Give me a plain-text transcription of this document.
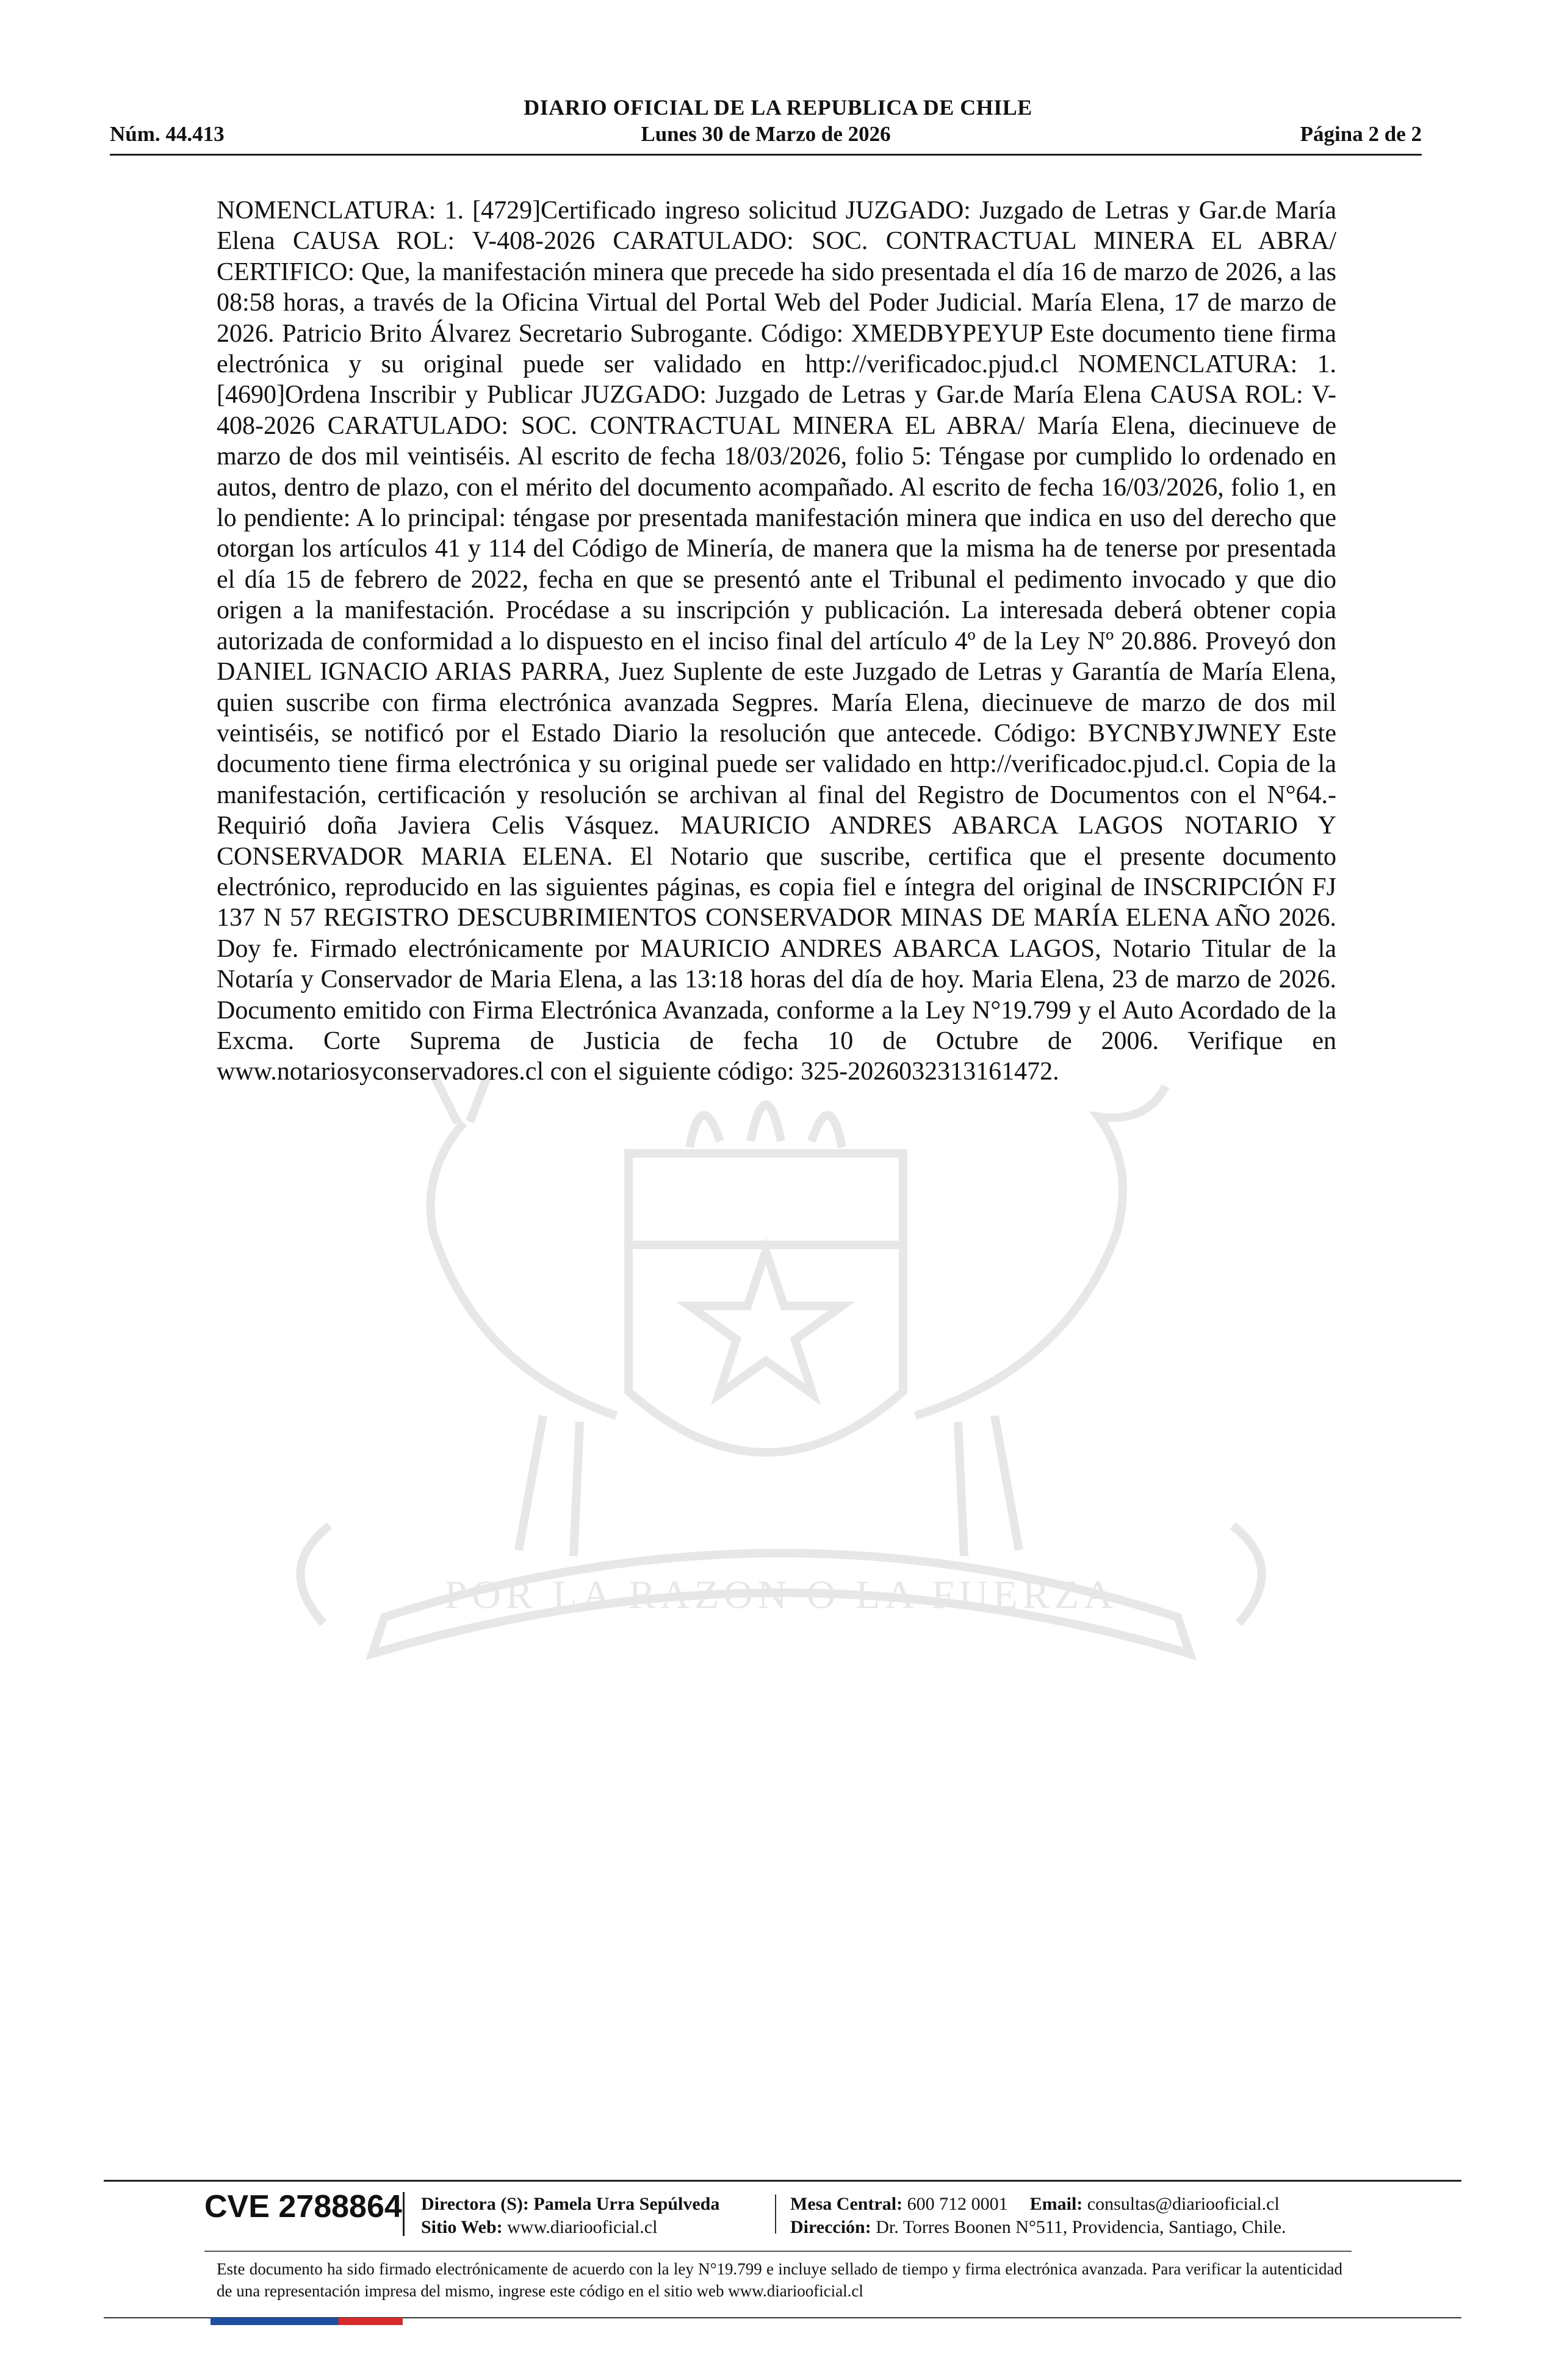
DIARIO OFICIAL DE LA REPUBLICA DE CHILE
Lunes 30 de Marzo de 2026
Núm. 44.413	Página 2 de 2
POR LA RAZON O LA FUERZA
NOMENCLATURA: 1. [4729]Certificado ingreso solicitud JUZGADO: Juzgado de Letras y Gar.de María Elena CAUSA ROL: V-408-2026 CARATULADO: SOC. CONTRACTUAL MINERA EL ABRA/ CERTIFICO: Que, la manifestación minera que precede ha sido presentada el día 16 de marzo de 2026, a las 08:58 horas, a través de la Oficina Virtual del Portal Web del Poder Judicial. María Elena, 17 de marzo de 2026. Patricio Brito Álvarez Secretario Subrogante. Código: XMEDBYPEYUP Este documento tiene firma electrónica y su original puede ser validado en http://verificadoc.pjud.cl NOMENCLATURA: 1. [4690]Ordena Inscribir y Publicar JUZGADO: Juzgado de Letras y Gar.de María Elena CAUSA ROL: V-408-2026 CARATULADO: SOC. CONTRACTUAL MINERA EL ABRA/ María Elena, diecinueve de marzo de dos mil veintiséis. Al escrito de fecha 18/03/2026, folio 5: Téngase por cumplido lo ordenado en autos, dentro de plazo, con el mérito del documento acompañado. Al escrito de fecha 16/03/2026, folio 1, en lo pendiente: A lo principal: téngase por presentada manifestación minera que indica en uso del derecho que otorgan los artículos 41 y 114 del Código de Minería, de manera que la misma ha de tenerse por presentada el día 15 de febrero de 2022, fecha en que se presentó ante el Tribunal el pedimento invocado y que dio origen a la manifestación. Procédase a su inscripción y publicación. La interesada deberá obtener copia autorizada de conformidad a lo dispuesto en el inciso final del artículo 4º de la Ley Nº 20.886. Proveyó don DANIEL IGNACIO ARIAS PARRA, Juez Suplente de este Juzgado de Letras y Garantía de María Elena, quien suscribe con firma electrónica avanzada Segpres. María Elena, diecinueve de marzo de dos mil veintiséis, se notificó por el Estado Diario la resolución que antecede. Código: BYCNBYJWNEY Este documento tiene firma electrónica y su original puede ser validado en http://verificadoc.pjud.cl. Copia de la manifestación, certificación y resolución se archivan al final del Registro de Documentos con el N°64.- Requirió doña Javiera Celis Vásquez. MAURICIO ANDRES ABARCA LAGOS NOTARIO Y CONSERVADOR MARIA ELENA. El Notario que suscribe, certifica que el presente documento electrónico, reproducido en las siguientes páginas, es copia fiel e íntegra del original de INSCRIPCIÓN FJ 137 N 57 REGISTRO DESCUBRIMIENTOS CONSERVADOR MINAS DE MARÍA ELENA AÑO 2026. Doy fe. Firmado electrónicamente por MAURICIO ANDRES ABARCA LAGOS, Notario Titular de la Notaría y Conservador de Maria Elena, a las 13:18 horas del día de hoy. Maria Elena, 23 de marzo de 2026. Documento emitido con Firma Electrónica Avanzada, conforme a la Ley N°19.799 y el Auto Acordado de la Excma. Corte Suprema de Justicia de fecha 10 de Octubre de 2006. Verifique en www.notariosyconservadores.cl con el siguiente código: 325-2026032313161472.
CVE 2788864 Directora (S): Pamela Urra Sepúlveda
Sitio Web: www.diariooficial.cl
Mesa Central: 600 712 0001 Email: consultas@diariooficial.cl
Dirección: Dr. Torres Boonen N°511, Providencia, Santiago, Chile.
Este documento ha sido firmado electrónicamente de acuerdo con la ley N°19.799 e incluye sellado de tiempo y firma electrónica avanzada. Para verificar la autenticidad de una representación impresa del mismo, ingrese este código en el sitio web www.diariooficial.cl
